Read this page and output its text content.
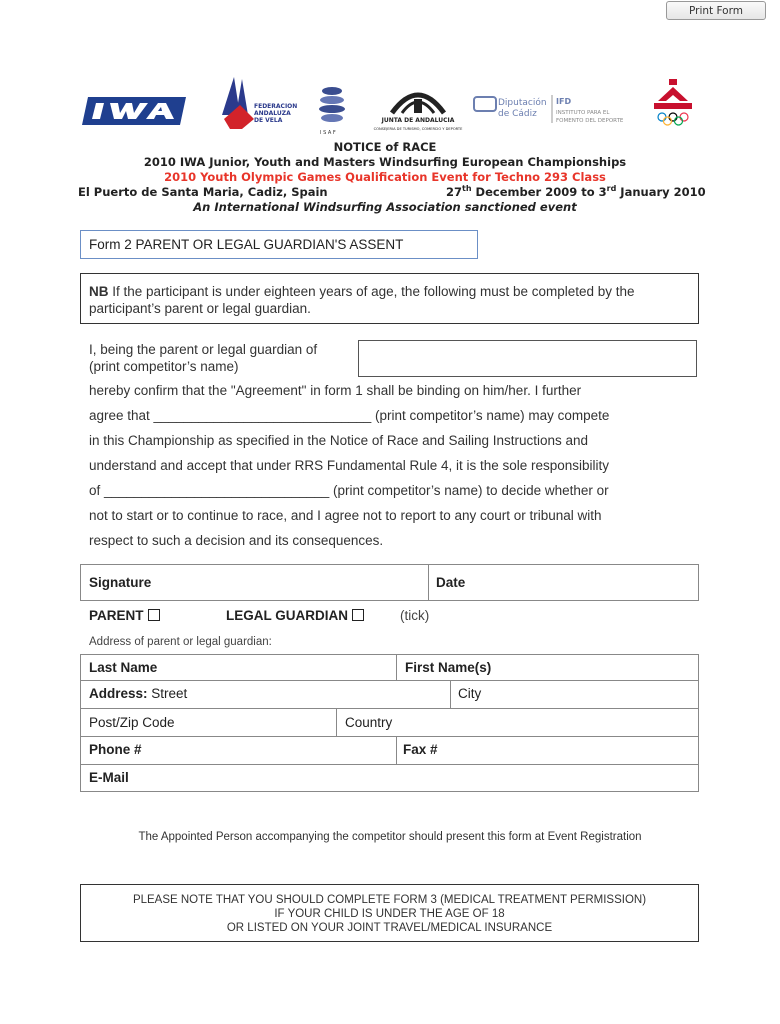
Print Form
FEDERACION
ANDALUZA
DE VELA
I S A F
JUNTA DE ANDALUCIA
CONSEJERIA DE TURISMO, COMERCIO Y DEPORTE
Diputación
de Cádiz
IFD
INSTITUTO PARA EL
FOMENTO DEL DEPORTE
NOTICE of RACE
2010 IWA Junior, Youth and Masters Windsurfing European Championships
2010 Youth Olympic Games Qualification Event for Techno 293 Class
El Puerto de Santa Maria, Cadiz, Spain	27th December 2009 to 3rd January 2010
An International Windsurfing Association sanctioned event
Form 2 PARENT OR LEGAL GUARDIAN'S ASSENT
NB If the participant is under eighteen years of age, the following must be completed by the participant’s parent or legal guardian.
I, being the parent or legal guardian of
(print competitor’s name)
hereby confirm that the "Agreement" in form 1 shall be binding on him/her. I further
agree that _____________________________ (print competitor’s name) may compete
in this Championship as specified in the Notice of Race and Sailing Instructions and
understand and accept that under RRS Fundamental Rule 4, it is the sole responsibility
of ______________________________ (print competitor’s name) to decide whether or
not to start or to continue to race, and I agree not to report to any court or tribunal with
respect to such a decision and its consequences.
Signature	Date
PARENT	LEGAL GUARDIAN	(tick)
Address of parent or legal guardian:
Last Name	First Name(s)
Address: Street	City
Post/Zip Code	Country
Phone #	Fax #
E-Mail
The Appointed Person accompanying the competitor should present this form at Event Registration
PLEASE NOTE THAT YOU SHOULD COMPLETE FORM 3 (MEDICAL TREATMENT PERMISSION)
IF YOUR CHILD IS UNDER THE AGE OF 18
OR LISTED ON YOUR JOINT TRAVEL/MEDICAL INSURANCE
